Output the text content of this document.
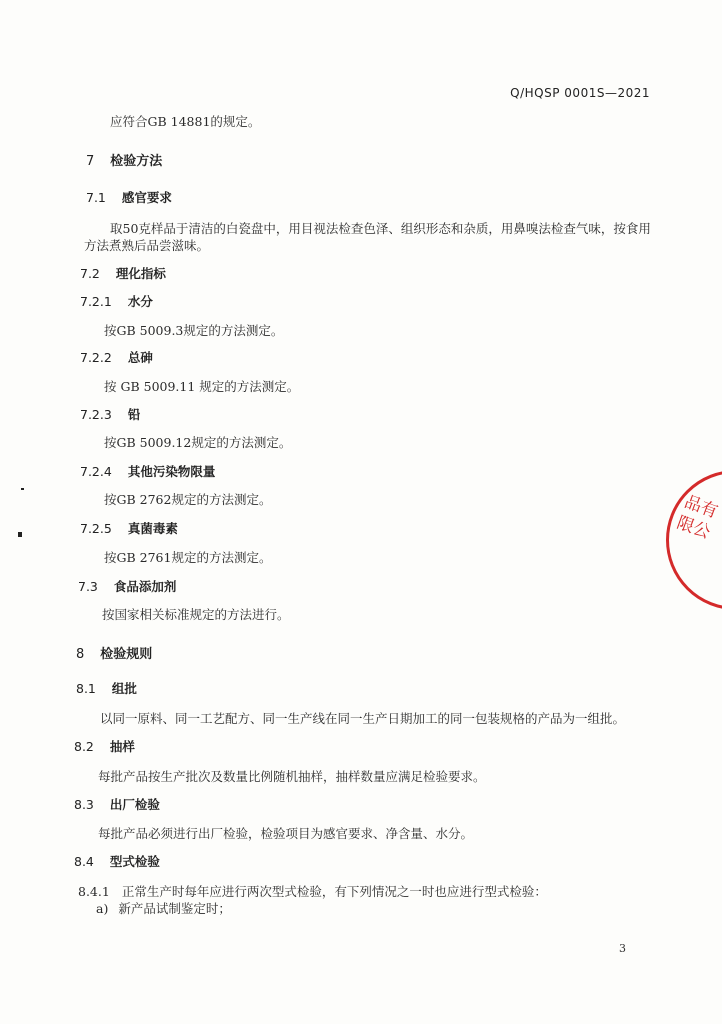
Q/HQSP 0001S—2021
应符合GB 14881的规定。
7 检验方法
7.1 感官要求
取50克样品于清洁的白瓷盘中，用目视法检查色泽、组织形态和杂质，用鼻嗅法检查气味，按食用
方法煮熟后品尝滋味。
7.2 理化指标
7.2.1 水分
按GB 5009.3规定的方法测定。
7.2.2 总砷
按 GB 5009.11 规定的方法测定。
7.2.3 铅
按GB 5009.12规定的方法测定。
7.2.4 其他污染物限量
按GB 2762规定的方法测定。
7.2.5 真菌毒素
按GB 2761规定的方法测定。
7.3 食品添加剂
按国家相关标准规定的方法进行。
8 检验规则
8.1 组批
以同一原料、同一工艺配方、同一生产线在同一生产日期加工的同一包装规格的产品为一组批。
8.2 抽样
每批产品按生产批次及数量比例随机抽样，抽样数量应满足检验要求。
8.3 出厂检验
每批产品必须进行出厂检验，检验项目为感官要求、净含量、水分。
8.4 型式检验
8.4.1 正常生产时每年应进行两次型式检验，有下列情况之一时也应进行型式检验：
a) 新产品试制鉴定时；
3
品有限公
